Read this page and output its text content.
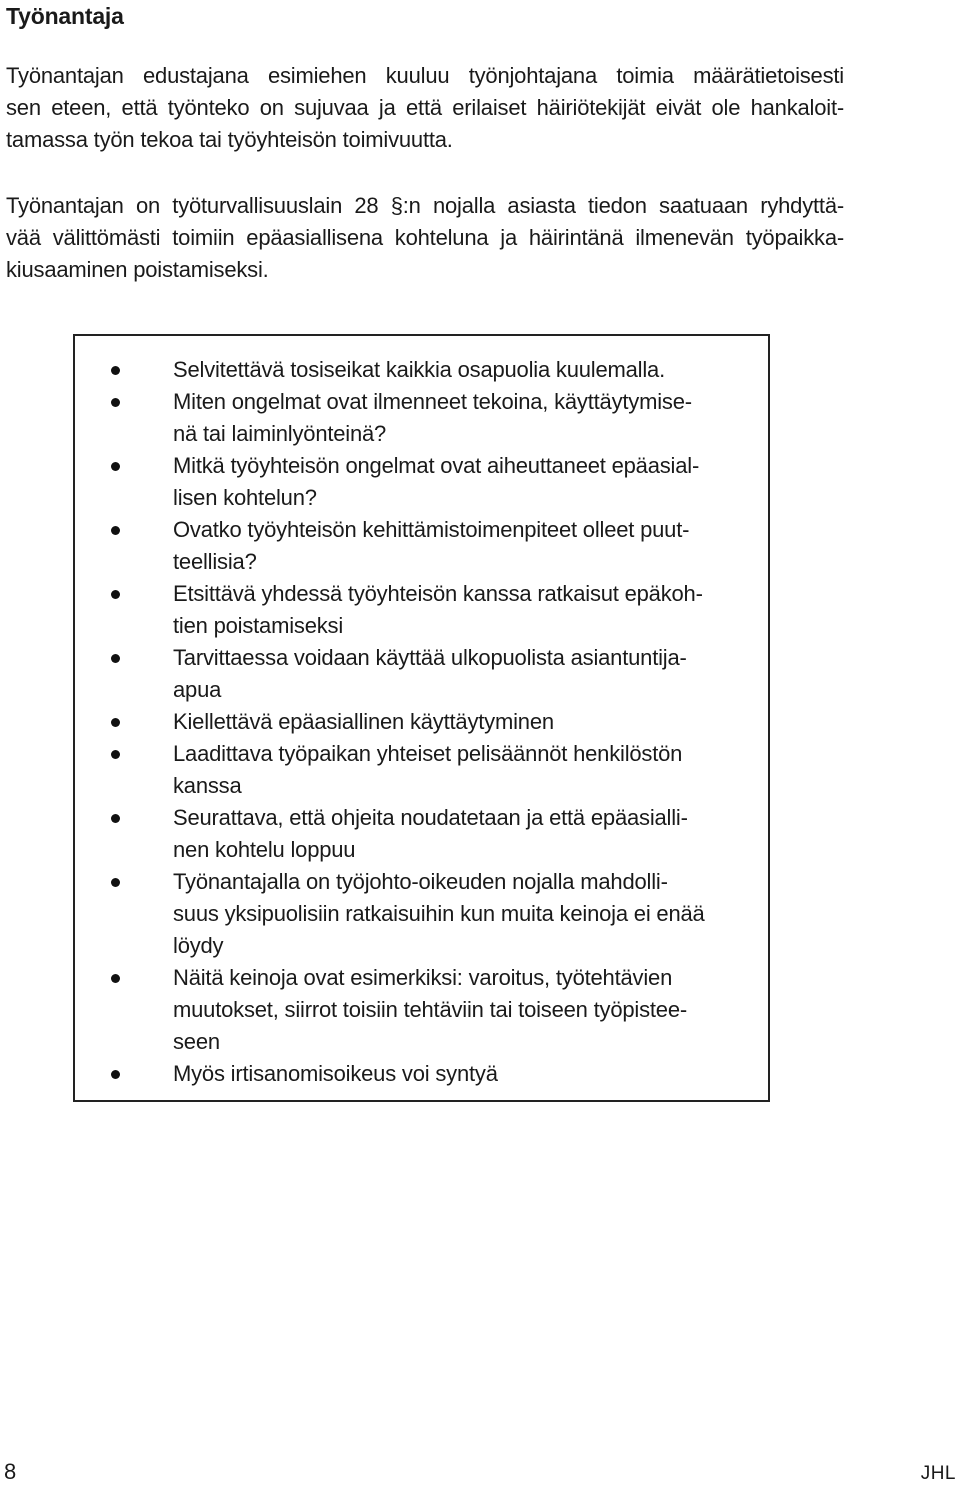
Työnantaja
Työnantajan edustajana esimiehen kuuluu työnjohtajana toimia määrätietoisesti
sen eteen, että työnteko on sujuvaa ja että erilaiset häiriötekijät eivät ole hankaloit-
tamassa työn tekoa tai työyhteisön toimivuutta.
Työnantajan on työturvallisuuslain 28 §:n nojalla asiasta tiedon saatuaan ryhdyttä-
vää välittömästi toimiin epäasiallisena kohteluna ja häirintänä ilmenevän työpaikka-
kiusaaminen poistamiseksi.
Selvitettävä tosiseikat kaikkia osapuolia kuulemalla.
Miten ongelmat ovat ilmenneet tekoina, käyttäytymise-
nä tai laiminlyönteinä?
Mitkä työyhteisön ongelmat ovat aiheuttaneet epäasial-
lisen kohtelun?
Ovatko työyhteisön kehittämistoimenpiteet olleet puut-
teellisia?
Etsittävä yhdessä työyhteisön kanssa ratkaisut epäkoh-
tien poistamiseksi
Tarvittaessa voidaan käyttää ulkopuolista asiantuntija-
apua
Kiellettävä epäasiallinen käyttäytyminen
Laadittava työpaikan yhteiset pelisäännöt henkilöstön
kanssa
Seurattava, että ohjeita noudatetaan ja että epäasialli-
nen kohtelu loppuu
Työnantajalla on työjohto-oikeuden nojalla mahdolli-
suus yksipuolisiin ratkaisuihin kun muita keinoja ei enää
löydy
Näitä keinoja ovat esimerkiksi: varoitus, työtehtävien
muutokset, siirrot toisiin tehtäviin tai toiseen työpistee-
seen
Myös irtisanomisoikeus voi syntyä
8	JHL
